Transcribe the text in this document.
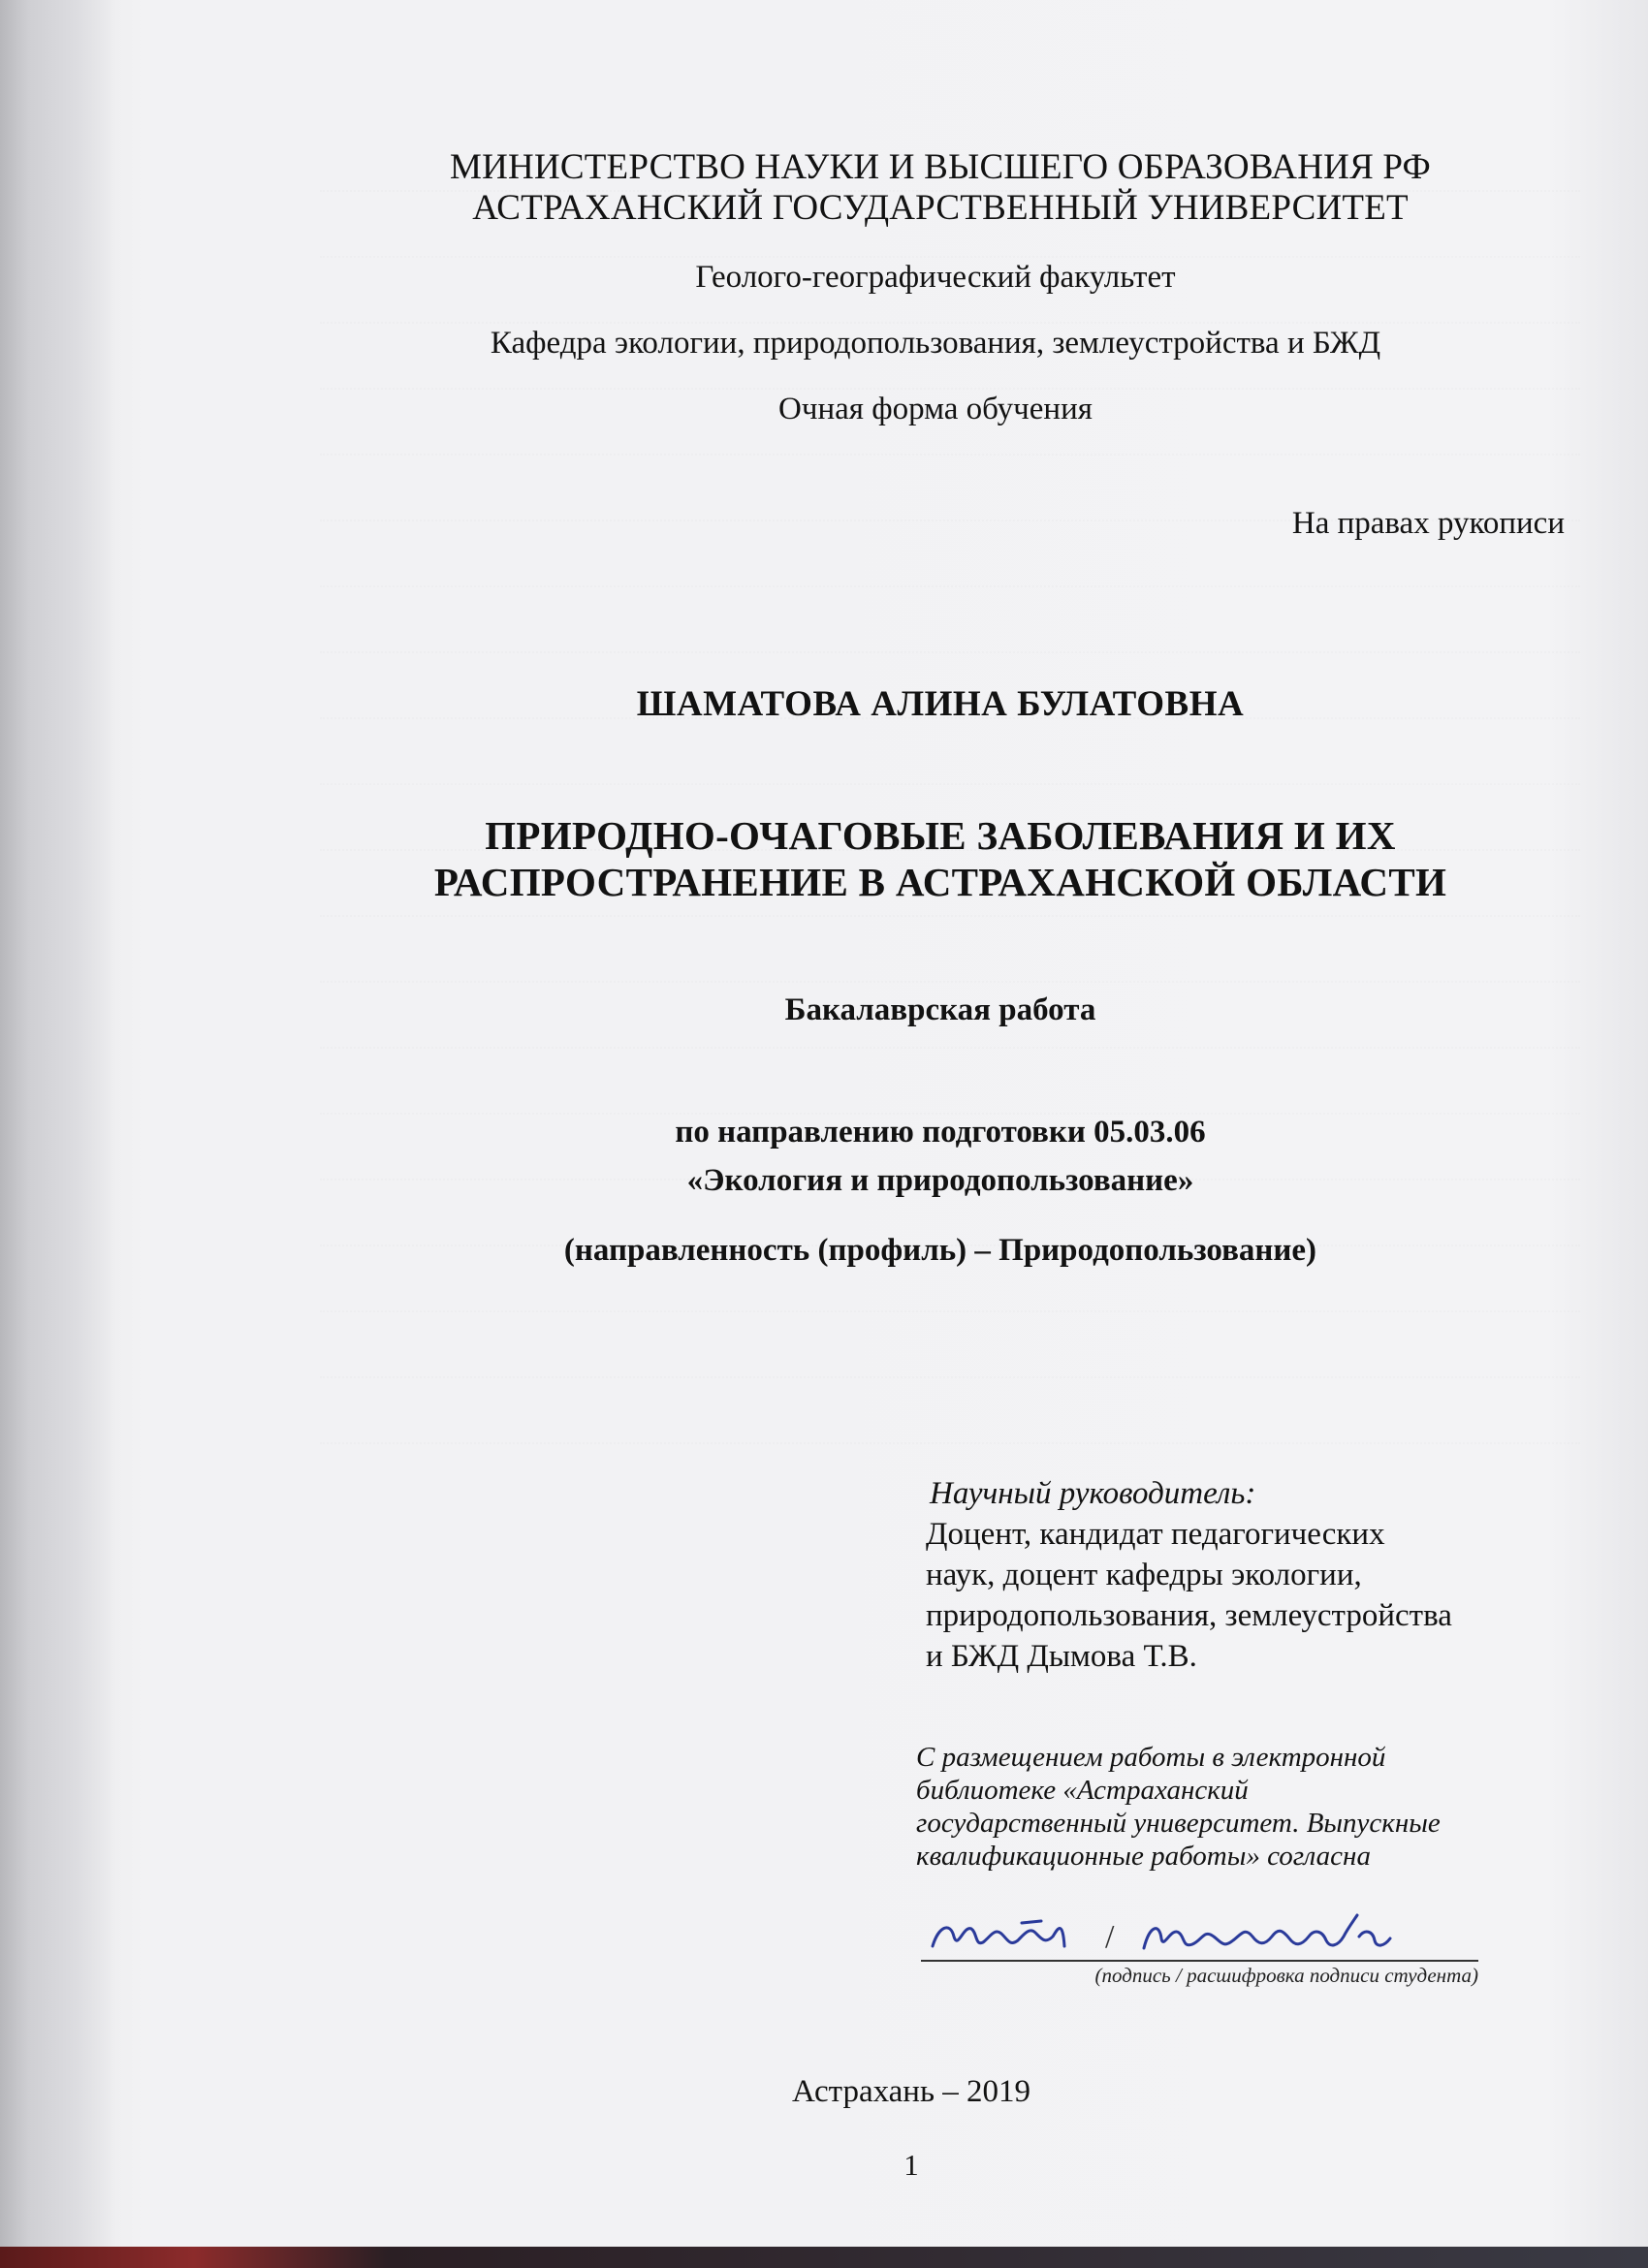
МИНИСТЕРСТВО НАУКИ И ВЫСШЕГО ОБРАЗОВАНИЯ РФ
АСТРАХАНСКИЙ ГОСУДАРСТВЕННЫЙ УНИВЕРСИТЕТ
Геолого-географический факультет
Кафедра экологии, природопользования, землеустройства и БЖД
Очная форма обучения
На правах рукописи
ШАМАТОВА АЛИНА БУЛАТОВНА
ПРИРОДНО-ОЧАГОВЫЕ ЗАБОЛЕВАНИЯ И ИХ
РАСПРОСТРАНЕНИЕ В АСТРАХАНСКОЙ ОБЛАСТИ
Бакалаврская работа
по направлению подготовки 05.03.06
«Экология и природопользование»
(направленность (профиль) – Природопользование)
Научный руководитель:
Доцент, кандидат педагогических
наук, доцент кафедры экологии,
природопользования, землеустройства
и БЖД Дымова Т.В.
С размещением работы в электронной
библиотеке «Астраханский
государственный университет. Выпускные
квалификационные работы» согласна
/
(подпись / расшифровка подписи студента)
Астрахань – 2019
1
